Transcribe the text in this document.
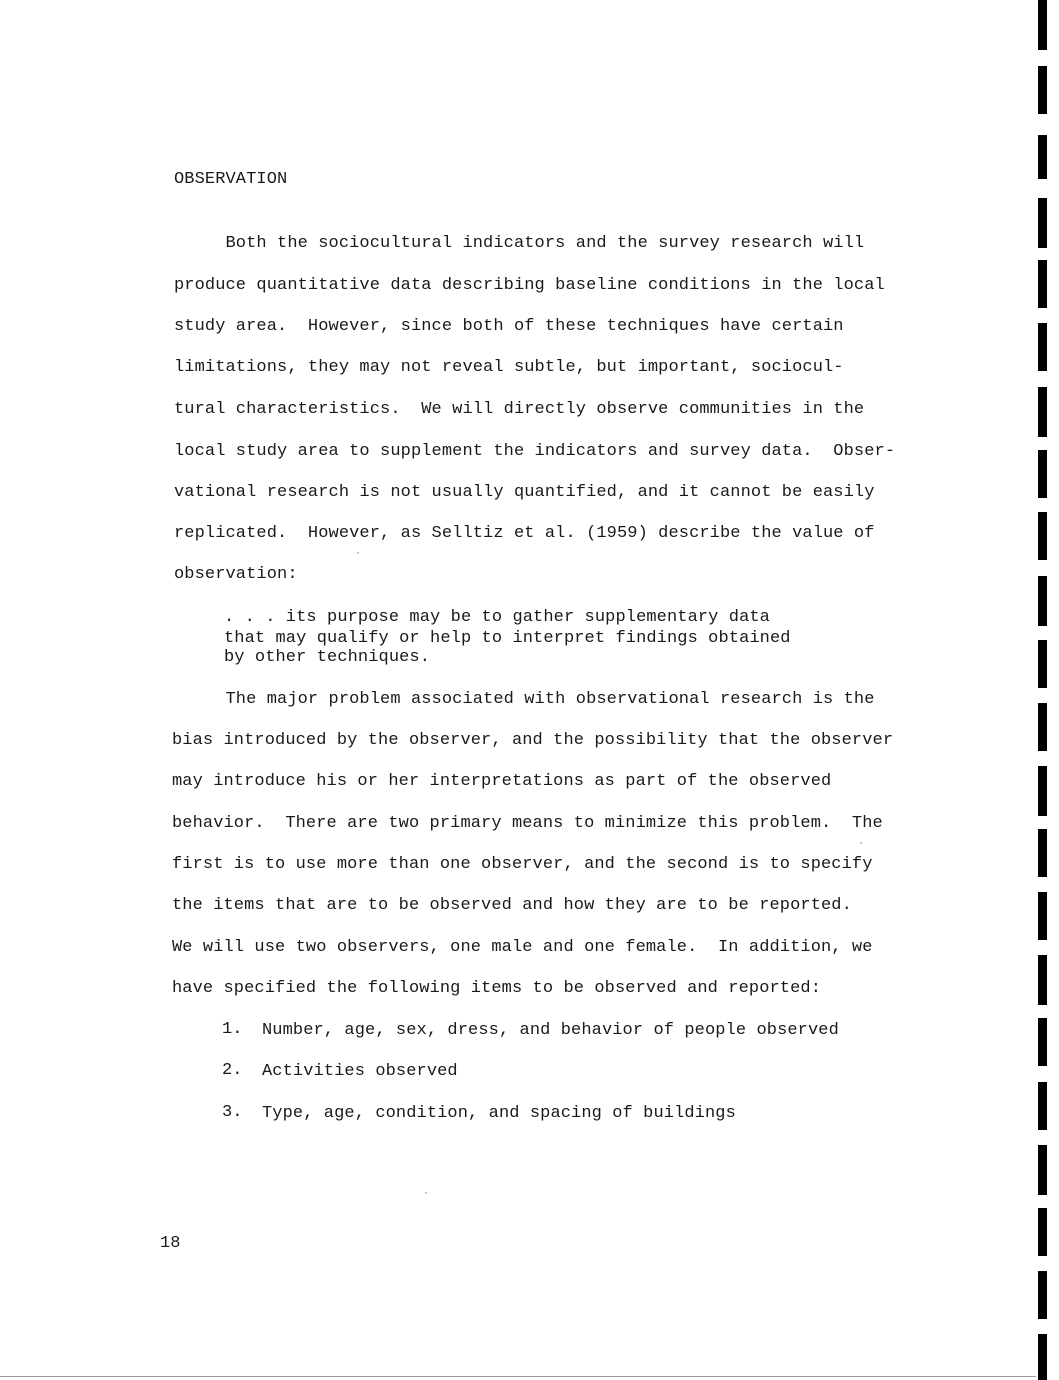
OBSERVATION
Both the sociocultural indicators and the survey research will
produce quantitative data describing baseline conditions in the local
study area.  However, since both of these techniques have certain
limitations, they may not reveal subtle, but important, sociocul-
tural characteristics.  We will directly observe communities in the
local study area to supplement the indicators and survey data.  Obser-
vational research is not usually quantified, and it cannot be easily
replicated.  However, as Selltiz et al. (1959) describe the value of
observation:
. . . its purpose may be to gather supplementary data
that may qualify or help to interpret findings obtained
by other techniques.
The major problem associated with observational research is the
bias introduced by the observer, and the possibility that the observer
may introduce his or her interpretations as part of the observed
behavior.  There are two primary means to minimize this problem.  The
first is to use more than one observer, and the second is to specify
the items that are to be observed and how they are to be reported.
We will use two observers, one male and one female.  In addition, we
have specified the following items to be observed and reported:
1. Number, age, sex, dress, and behavior of people observed
2. Activities observed
3. Type, age, condition, and spacing of buildings
18
